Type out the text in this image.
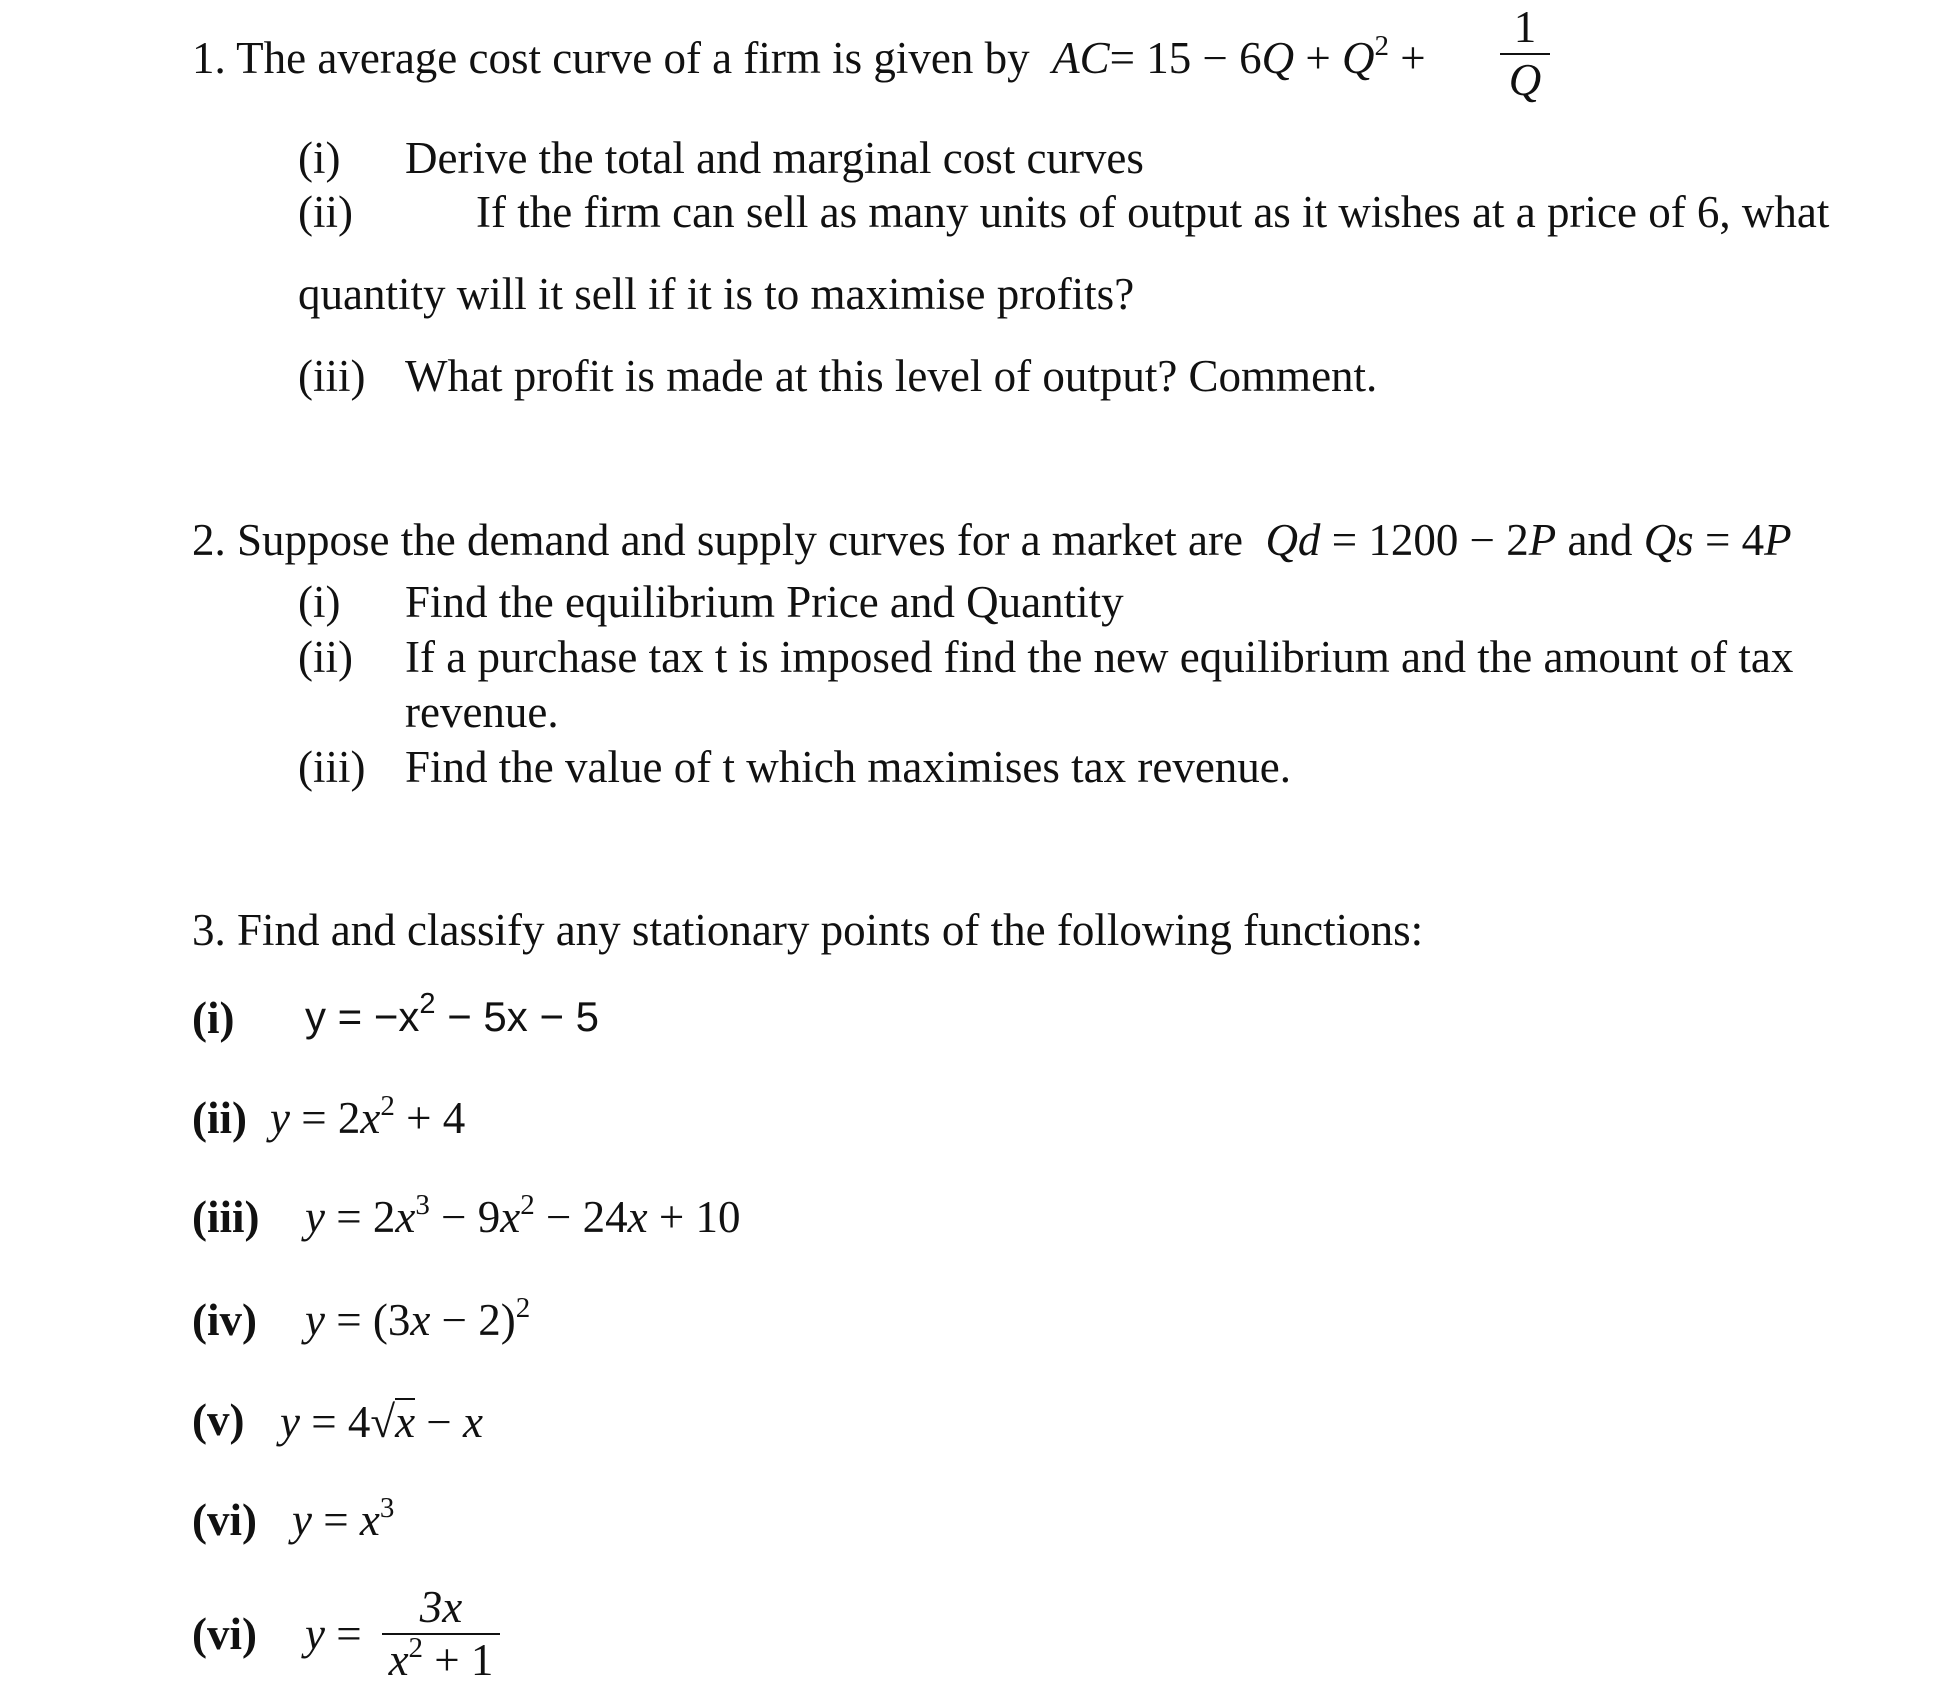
1. The average cost curve of a firm is given by $AC= 15 - 6Q + Q^2$ +
1
Q
(i) Derive the total and marginal cost curves
(ii)	If the firm can sell as many units of output as it wishes at a price of 6, what
quantity will it sell if it is to maximise profits?
(iii) What profit is made at this level of output? Comment.
2. Suppose the demand and supply curves for a market are Qd = 1200 − 2P and Qs = 4P
(i) Find the equilibrium Price and Quantity
(ii) If a purchase tax t is imposed find the new equilibrium and the amount of tax
revenue.
(iii) Find the value of t which maximises tax revenue.
3. Find and classify any stationary points of the following functions:
(i) $y = -x^2 - 5x - 5$
(ii) $y = 2x^2 + 4$
(iii) $y = 2x^3 - 9x^2 - 24x + 10$
(iv) $y = (3x - 2)^2$
(v) y = 4√x − x
(vi) $y = x^3$
(vi) y =
3x
$x^2 + 1$
